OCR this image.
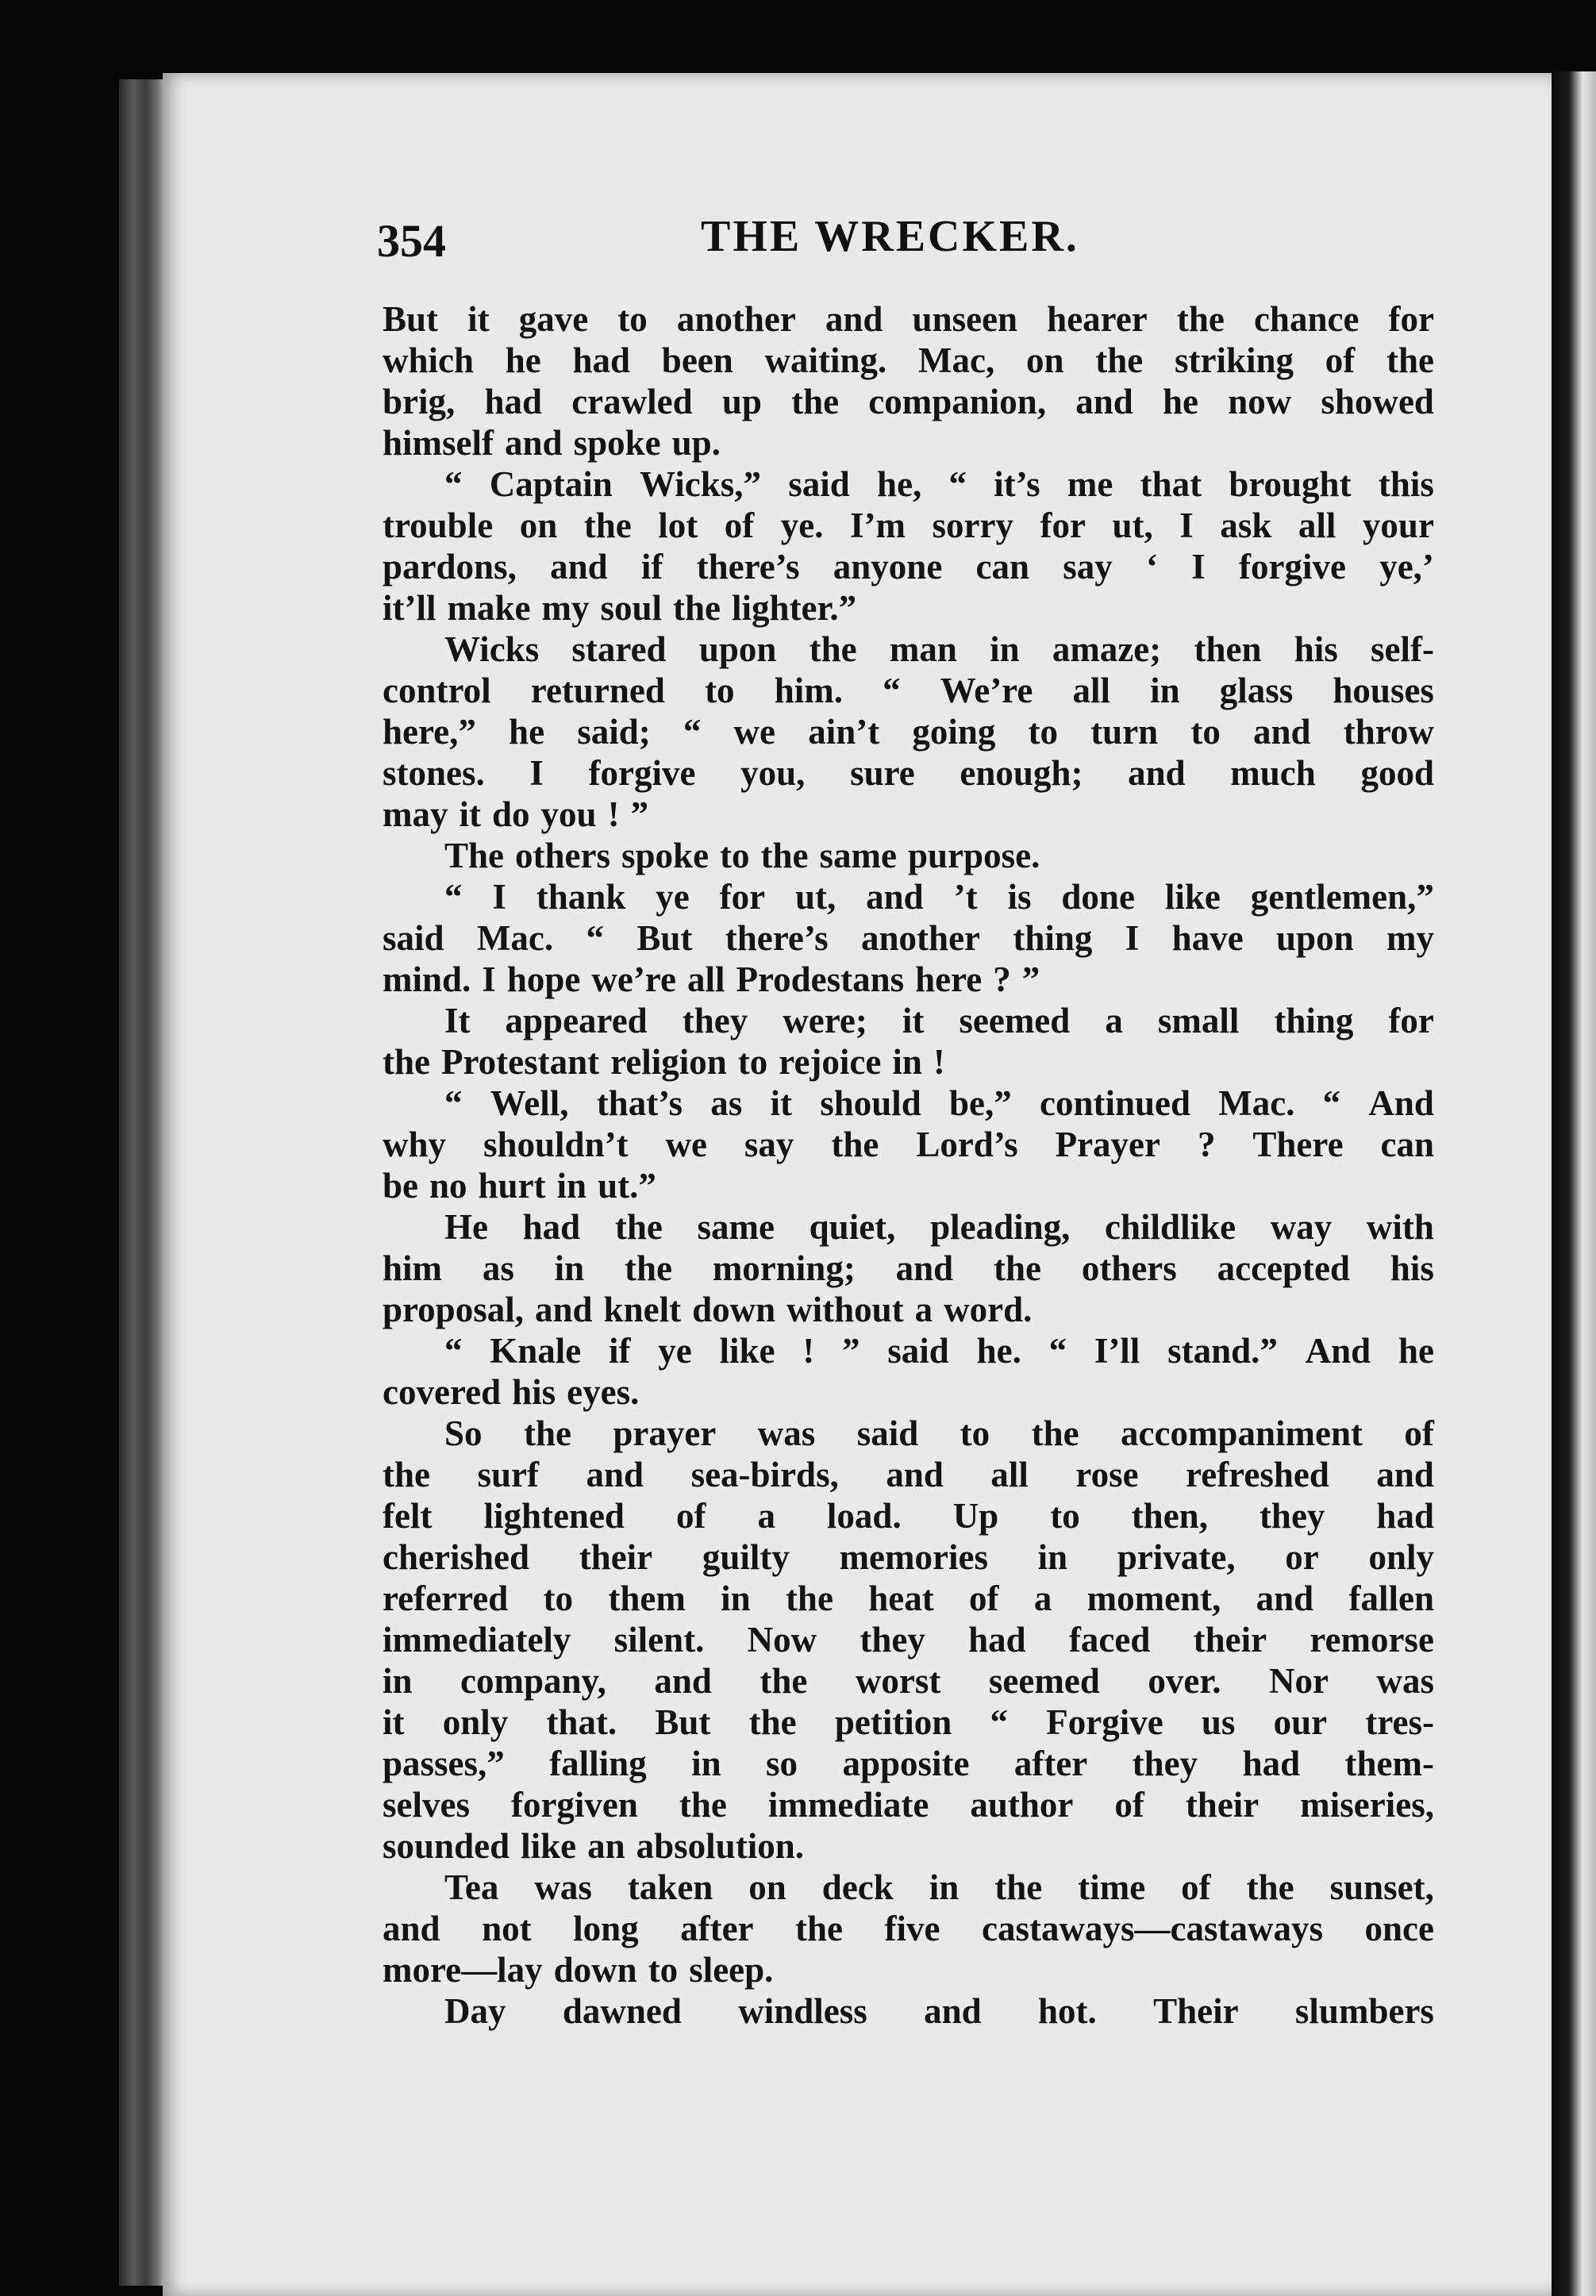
354	THE WRECKER.
But it gave to another and unseen hearer the chance for
which he had been waiting. Mac, on the striking of the
brig, had crawled up the companion, and he now showed
himself and spoke up.
“ Captain Wicks,” said he, “ it’s me that brought this
trouble on the lot of ye. I’m sorry for ut, I ask all your
pardons, and if there’s anyone can say ‘ I forgive ye,’
it’ll make my soul the lighter.”
Wicks stared upon the man in amaze; then his self-
control returned to him. “ We’re all in glass houses
here,” he said; “ we ain’t going to turn to and throw
stones. I forgive you, sure enough; and much good
may it do you ! ”
The others spoke to the same purpose.
“ I thank ye for ut, and ’t is done like gentlemen,”
said Mac. “ But there’s another thing I have upon my
mind. I hope we’re all Prodestans here ? ”
It appeared they were; it seemed a small thing for
the Protestant religion to rejoice in !
“ Well, that’s as it should be,” continued Mac. “ And
why shouldn’t we say the Lord’s Prayer ? There can
be no hurt in ut.”
He had the same quiet, pleading, childlike way with
him as in the morning; and the others accepted his
proposal, and knelt down without a word.
“ Knale if ye like ! ” said he. “ I’ll stand.” And he
covered his eyes.
So the prayer was said to the accompaniment of
the surf and sea-birds, and all rose refreshed and
felt lightened of a load. Up to then, they had
cherished their guilty memories in private, or only
referred to them in the heat of a moment, and fallen
immediately silent. Now they had faced their remorse
in company, and the worst seemed over. Nor was
it only that. But the petition “ Forgive us our tres-
passes,” falling in so apposite after they had them-
selves forgiven the immediate author of their miseries,
sounded like an absolution.
Tea was taken on deck in the time of the sunset,
and not long after the five castaways—castaways once
more—lay down to sleep.
Day dawned windless and hot. Their slumbers
